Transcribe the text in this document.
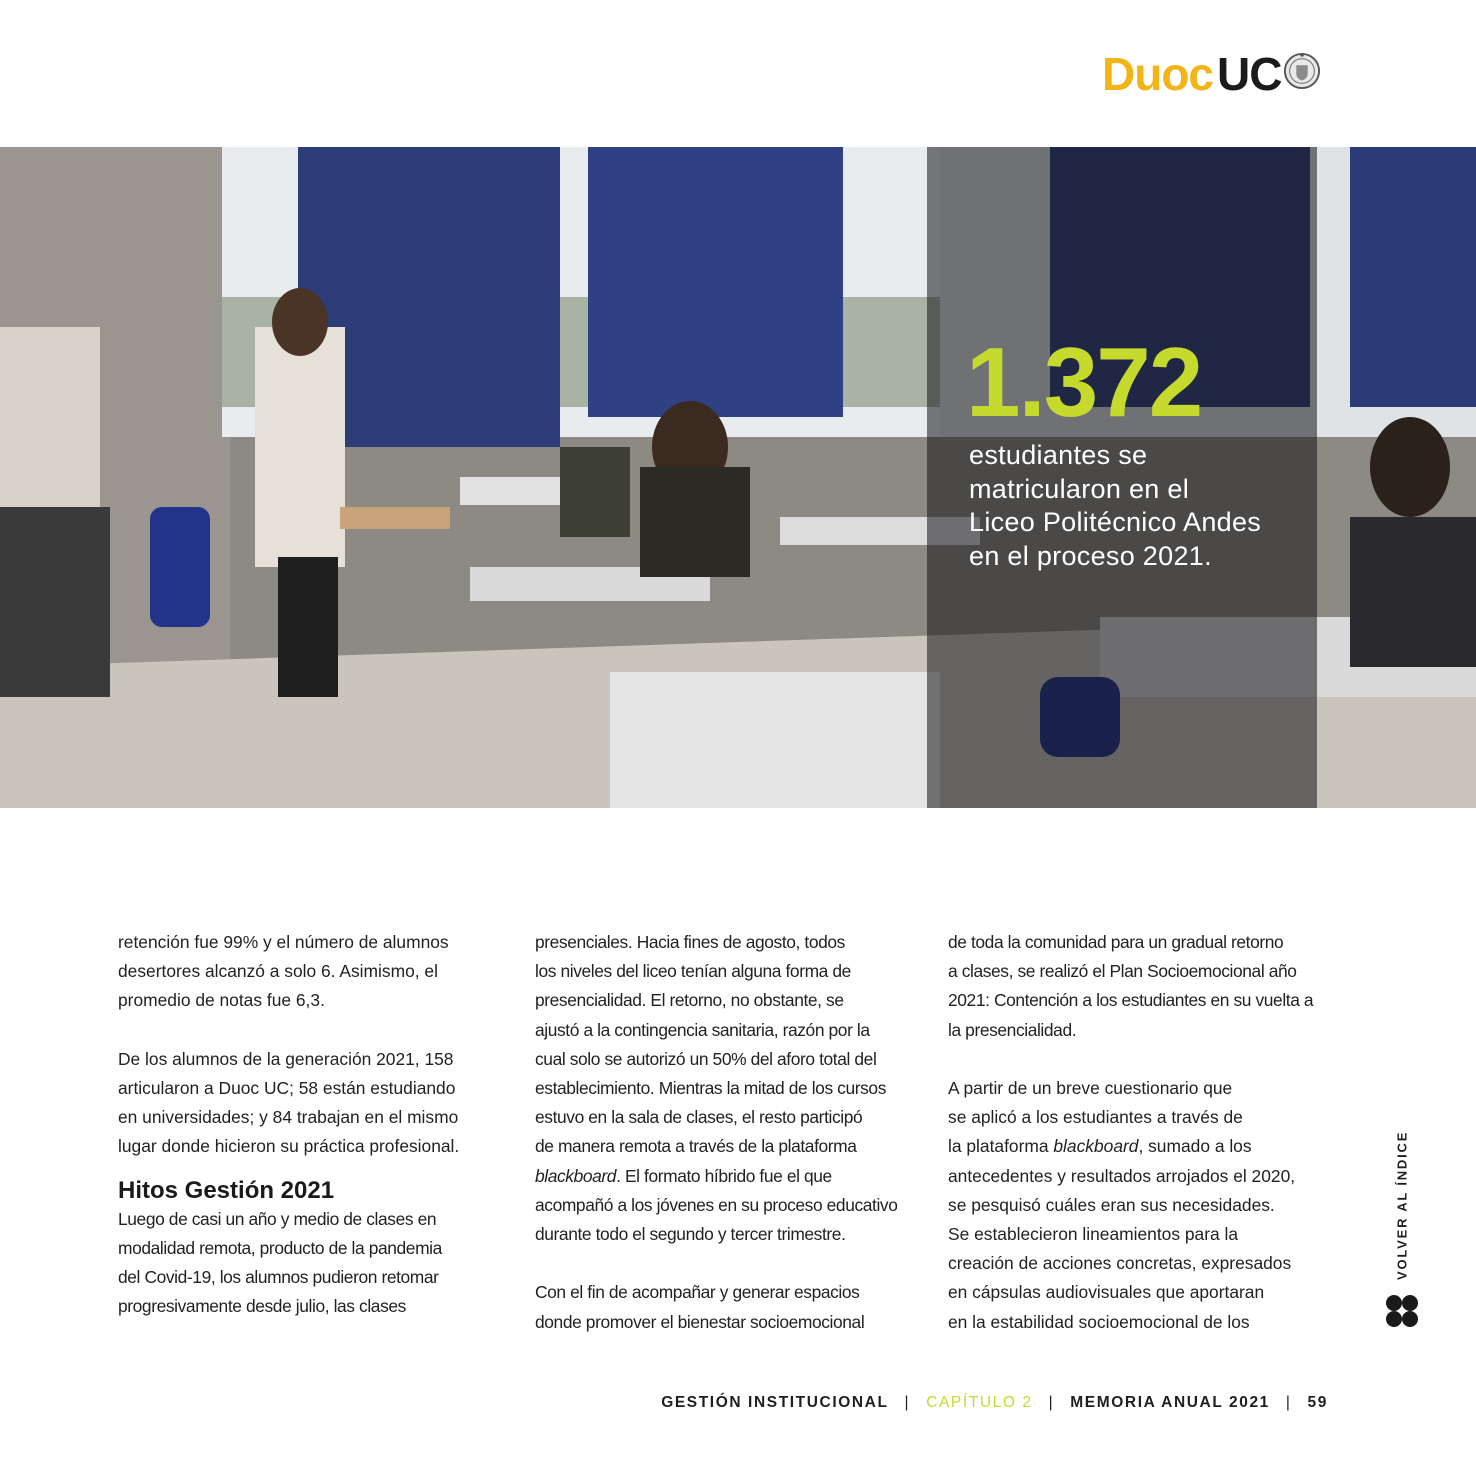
Duoc UC
1.372
estudiantes se
matricularon en el
Liceo Politécnico Andes
en el proceso 2021.

retención fue 99% y el número de alumnos
desertores alcanzó a solo 6. Asimismo, el
promedio de notas fue 6,3.

De los alumnos de la generación 2021, 158
articularon a Duoc UC; 58 están estudiando
en universidades; y 84 trabajan en el mismo
lugar donde hicieron su práctica profesional.

Hitos Gestión 2021

Luego de casi un año y medio de clases en
modalidad remota, producto de la pandemia
del Covid-19, los alumnos pudieron retomar
progresivamente desde julio, las clases

presenciales. Hacia fines de agosto, todos
los niveles del liceo tenían alguna forma de
presencialidad. El retorno, no obstante, se
ajustó a la contingencia sanitaria, razón por la
cual solo se autorizó un 50% del aforo total del
establecimiento. Mientras la mitad de los cursos
estuvo en la sala de clases, el resto participó
de manera remota a través de la plataforma
blackboard. El formato híbrido fue el que
acompañó a los jóvenes en su proceso educativo
durante todo el segundo y tercer trimestre.

Con el fin de acompañar y generar espacios
donde promover el bienestar socioemocional

de toda la comunidad para un gradual retorno
a clases, se realizó el Plan Socioemocional año
2021: Contención a los estudiantes en su vuelta a
la presencialidad.

A partir de un breve cuestionario que
se aplicó a los estudiantes a través de
la plataforma blackboard, sumado a los
antecedentes y resultados arrojados el 2020,
se pesquisó cuáles eran sus necesidades.
Se establecieron lineamientos para la
creación de acciones concretas, expresados
en cápsulas audiovisuales que aportaran
en la estabilidad socioemocional de los

VOLVER AL ÍNDICE
GESTIÓN INSTITUCIONAL | CAPÍTULO 2 | MEMORIA ANUAL 2021 | 59
